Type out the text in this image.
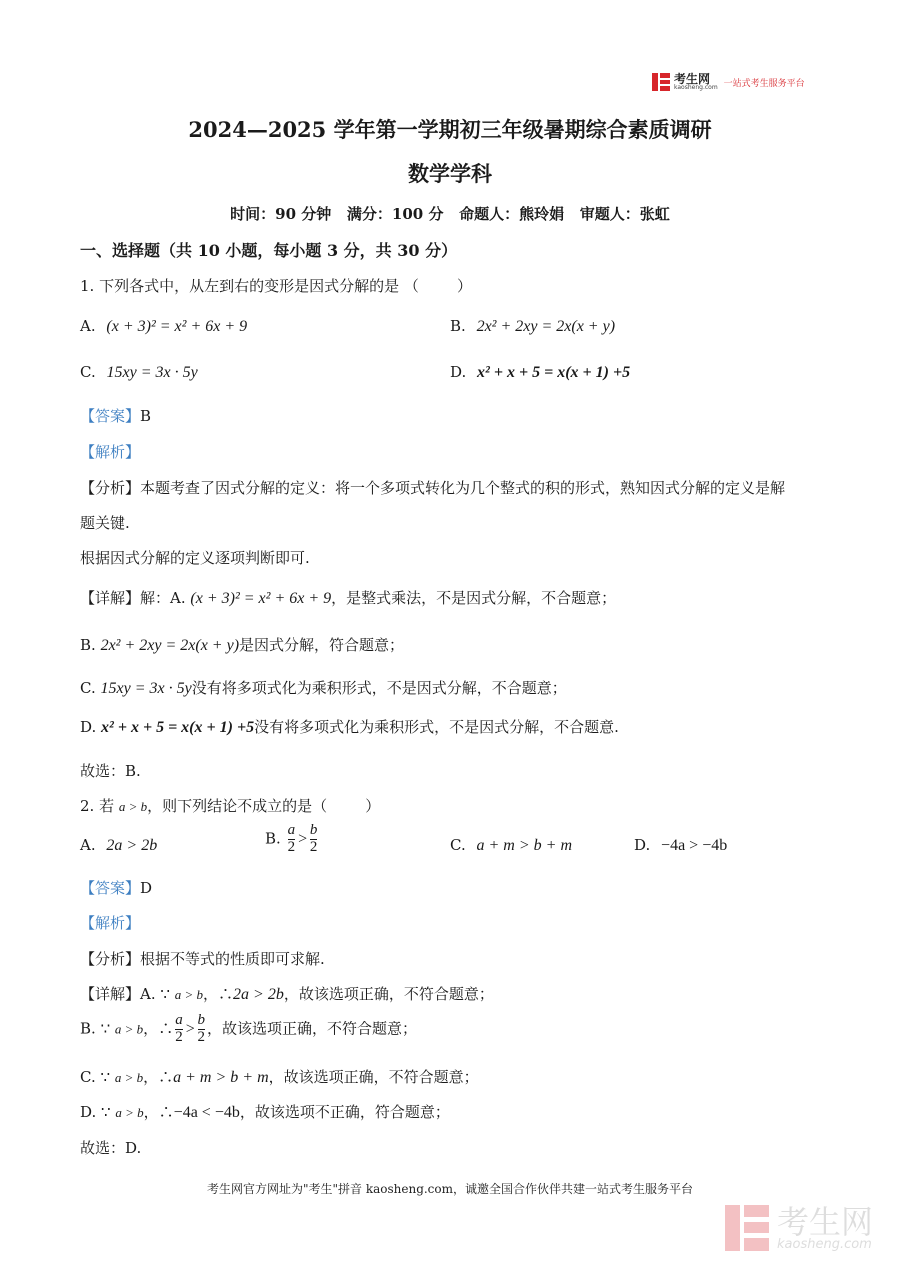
考生网
kaosheng.com 一站式考生服务平台
2024—2025 学年第一学期初三年级暑期综合素质调研
数学学科
时间：90 分钟   满分：100 分   命题人：熊玲娟   审题人：张虹
一、选择题（共 10 小题，每小题 3 分，共 30 分）
1. 下列各式中，从左到右的变形是因式分解的是 （        ）
A. (x + 3)² = x² + 6x + 9	B. 2x² + 2xy = 2x(x + y)
C. 15xy = 3x · 5y	D. x² + x + 5 = x(x + 1) +5
【答案】B
【解析】
【分析】本题考查了因式分解的定义：将一个多项式转化为几个整式的积的形式，熟知因式分解的定义是解
题关键.
根据因式分解的定义逐项判断即可.
【详解】解：A. (x + 3)² = x² + 6x + 9，是整式乘法，不是因式分解，不合题意；
B. 2x² + 2xy = 2x(x + y)是因式分解，符合题意；
C. 15xy = 3x · 5y没有将多项式化为乘积形式，不是因式分解，不合题意；
D. x² + x + 5 = x(x + 1) +5没有将多项式化为乘积形式，不是因式分解，不合题意.
故选：B.
2. 若 a > b，则下列结论不成立的是（        ）
A. 2a > 2b	B. $\frac{a}{2} > \frac{b}{2}$	C. a + m > b + m	D. −4a > −4b
【答案】D
【解析】
【分析】根据不等式的性质即可求解.
【详解】A. ∵ a > b，∴2a > 2b，故该选项正确，不符合题意；
B. ∵ a > b，∴ $\frac{a}{2} > \frac{b}{2}$ ，故该选项正确，不符合题意；
C. ∵ a > b，∴a + m > b + m，故该选项正确，不符合题意；
D. ∵ a > b，∴−4a < −4b，故该选项不正确，符合题意；
故选：D.
考生网官方网址为"考生"拼音 kaosheng.com，诚邀全国合作伙伴共建一站式考生服务平台
考生网
kaosheng.com
